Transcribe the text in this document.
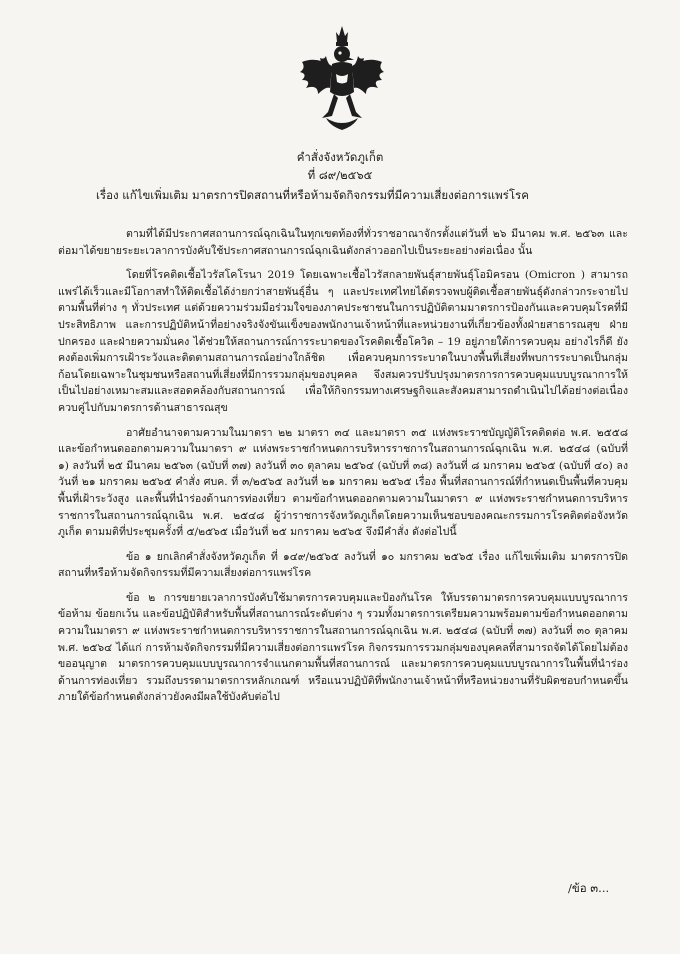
คำสั่งจังหวัดภูเก็ต
ที่ ๘๙/๒๕๖๕
เรื่อง แก้ไขเพิ่มเติม มาตรการปิดสถานที่หรือห้ามจัดกิจกรรมที่มีความเสี่ยงต่อการแพร่โรค

ตามที่ได้มีประกาศสถานการณ์ฉุกเฉินในทุกเขตท้องที่ทั่วราชอาณาจักรตั้งแต่วันที่ ๒๖ มีนาคม พ.ศ. ๒๕๖๓ และต่อมาได้ขยายระยะเวลาการบังคับใช้ประกาศสถานการณ์ฉุกเฉินดังกล่าวออกไปเป็นระยะอย่างต่อเนื่อง นั้น

โดยที่โรคติดเชื้อไวรัสโคโรนา 2019 โดยเฉพาะเชื้อไวรัสกลายพันธุ์สายพันธุ์โอมิครอน (Omicron ) สามารถแพร่ได้เร็วและมีโอกาสทำให้ติดเชื้อได้ง่ายกว่าสายพันธุ์อื่น ๆ และประเทศไทยได้ตรวจพบผู้ติดเชื้อสายพันธุ์ดังกล่าวกระจายไปตามพื้นที่ต่าง ๆ ทั่วประเทศ แต่ด้วยความร่วมมือร่วมใจของภาคประชาชนในการปฏิบัติตามมาตรการป้องกันและควบคุมโรคที่มีประสิทธิภาพ และการปฏิบัติหน้าที่อย่างจริงจังขันแข็งของพนักงานเจ้าหน้าที่และหน่วยงานที่เกี่ยวข้องทั้งฝ่ายสาธารณสุข ฝ่ายปกครอง และฝ่ายความมั่นคง ได้ช่วยให้สถานการณ์การระบาดของโรคติดเชื้อโควิด – 19 อยู่ภายใต้การควบคุม อย่างไรก็ดี ยังคงต้องเพิ่มการเฝ้าระวังและติดตามสถานการณ์อย่างใกล้ชิด เพื่อควบคุมการระบาดในบางพื้นที่เสี่ยงที่พบการระบาดเป็นกลุ่มก้อนโดยเฉพาะในชุมชนหรือสถานที่เสี่ยงที่มีการรวมกลุ่มของบุคคล จึงสมควรปรับปรุงมาตรการการควบคุมแบบบูรณาการให้เป็นไปอย่างเหมาะสมและสอดคล้องกับสถานการณ์ เพื่อให้กิจกรรมทางเศรษฐกิจและสังคมสามารถดำเนินไปได้อย่างต่อเนื่องควบคู่ไปกับมาตรการด้านสาธารณสุข

อาศัยอำนาจตามความในมาตรา ๒๒ มาตรา ๓๔ และมาตรา ๓๕ แห่งพระราชบัญญัติโรคติดต่อ พ.ศ. ๒๕๕๘ และข้อกำหนดออกตามความในมาตรา ๙ แห่งพระราชกำหนดการบริหารราชการในสถานการณ์ฉุกเฉิน พ.ศ. ๒๕๔๘ (ฉบับที่ ๑) ลงวันที่ ๒๕ มีนาคม ๒๕๖๓ (ฉบับที่ ๓๗) ลงวันที่ ๓๐ ตุลาคม ๒๕๖๔ (ฉบับที่ ๓๘) ลงวันที่ ๘ มกราคม ๒๕๖๕ (ฉบับที่ ๔๐) ลงวันที่ ๒๑ มกราคม ๒๕๖๕ คำสั่ง ศบค. ที่ ๓/๒๕๖๕ ลงวันที่ ๒๑ มกราคม ๒๕๖๕ เรื่อง พื้นที่สถานการณ์ที่กำหนดเป็นพื้นที่ควบคุม พื้นที่เฝ้าระวังสูง และพื้นที่นำร่องด้านการท่องเที่ยว ตามข้อกำหนดออกตามความในมาตรา ๙ แห่งพระราชกำหนดการบริหารราชการในสถานการณ์ฉุกเฉิน พ.ศ. ๒๕๔๘ ผู้ว่าราชการจังหวัดภูเก็ตโดยความเห็นชอบของคณะกรรมการโรคติดต่อจังหวัดภูเก็ต ตามมติที่ประชุมครั้งที่ ๕/๒๕๖๕ เมื่อวันที่ ๒๕ มกราคม ๒๕๖๕ จึงมีคำสั่ง ดังต่อไปนี้

ข้อ ๑ ยกเลิกคำสั่งจังหวัดภูเก็ต ที่ ๑๔๙/๒๕๖๕ ลงวันที่ ๑๐ มกราคม ๒๕๖๕ เรื่อง แก้ไขเพิ่มเติม มาตรการปิดสถานที่หรือห้ามจัดกิจกรรมที่มีความเสี่ยงต่อการแพร่โรค

ข้อ ๒ การขยายเวลาการบังคับใช้มาตรการควบคุมและป้องกันโรค ให้บรรดามาตรการควบคุมแบบบูรณาการ ข้อห้าม ข้อยกเว้น และข้อปฏิบัติสำหรับพื้นที่สถานการณ์ระดับต่าง ๆ รวมทั้งมาตรการเตรียมความพร้อมตามข้อกำหนดออกตามความในมาตรา ๙ แห่งพระราชกำหนดการบริหารราชการในสถานการณ์ฉุกเฉิน พ.ศ. ๒๕๔๘ (ฉบับที่ ๓๗) ลงวันที่ ๓๐ ตุลาคม พ.ศ. ๒๕๖๔ ได้แก่ การห้ามจัดกิจกรรมที่มีความเสี่ยงต่อการแพร่โรค กิจกรรมการรวมกลุ่มของบุคคลที่สามารถจัดได้โดยไม่ต้องขออนุญาต มาตรการควบคุมแบบบูรณาการจำแนกตามพื้นที่สถานการณ์ และมาตรการควบคุมแบบบูรณาการในพื้นที่นำร่องด้านการท่องเที่ยว รวมถึงบรรดามาตรการหลักเกณฑ์ หรือแนวปฏิบัติที่พนักงานเจ้าหน้าที่หรือหน่วยงานที่รับผิดชอบกำหนดขึ้นภายใต้ข้อกำหนดดังกล่าวยังคงมีผลใช้บังคับต่อไป

/ข้อ ๓...
